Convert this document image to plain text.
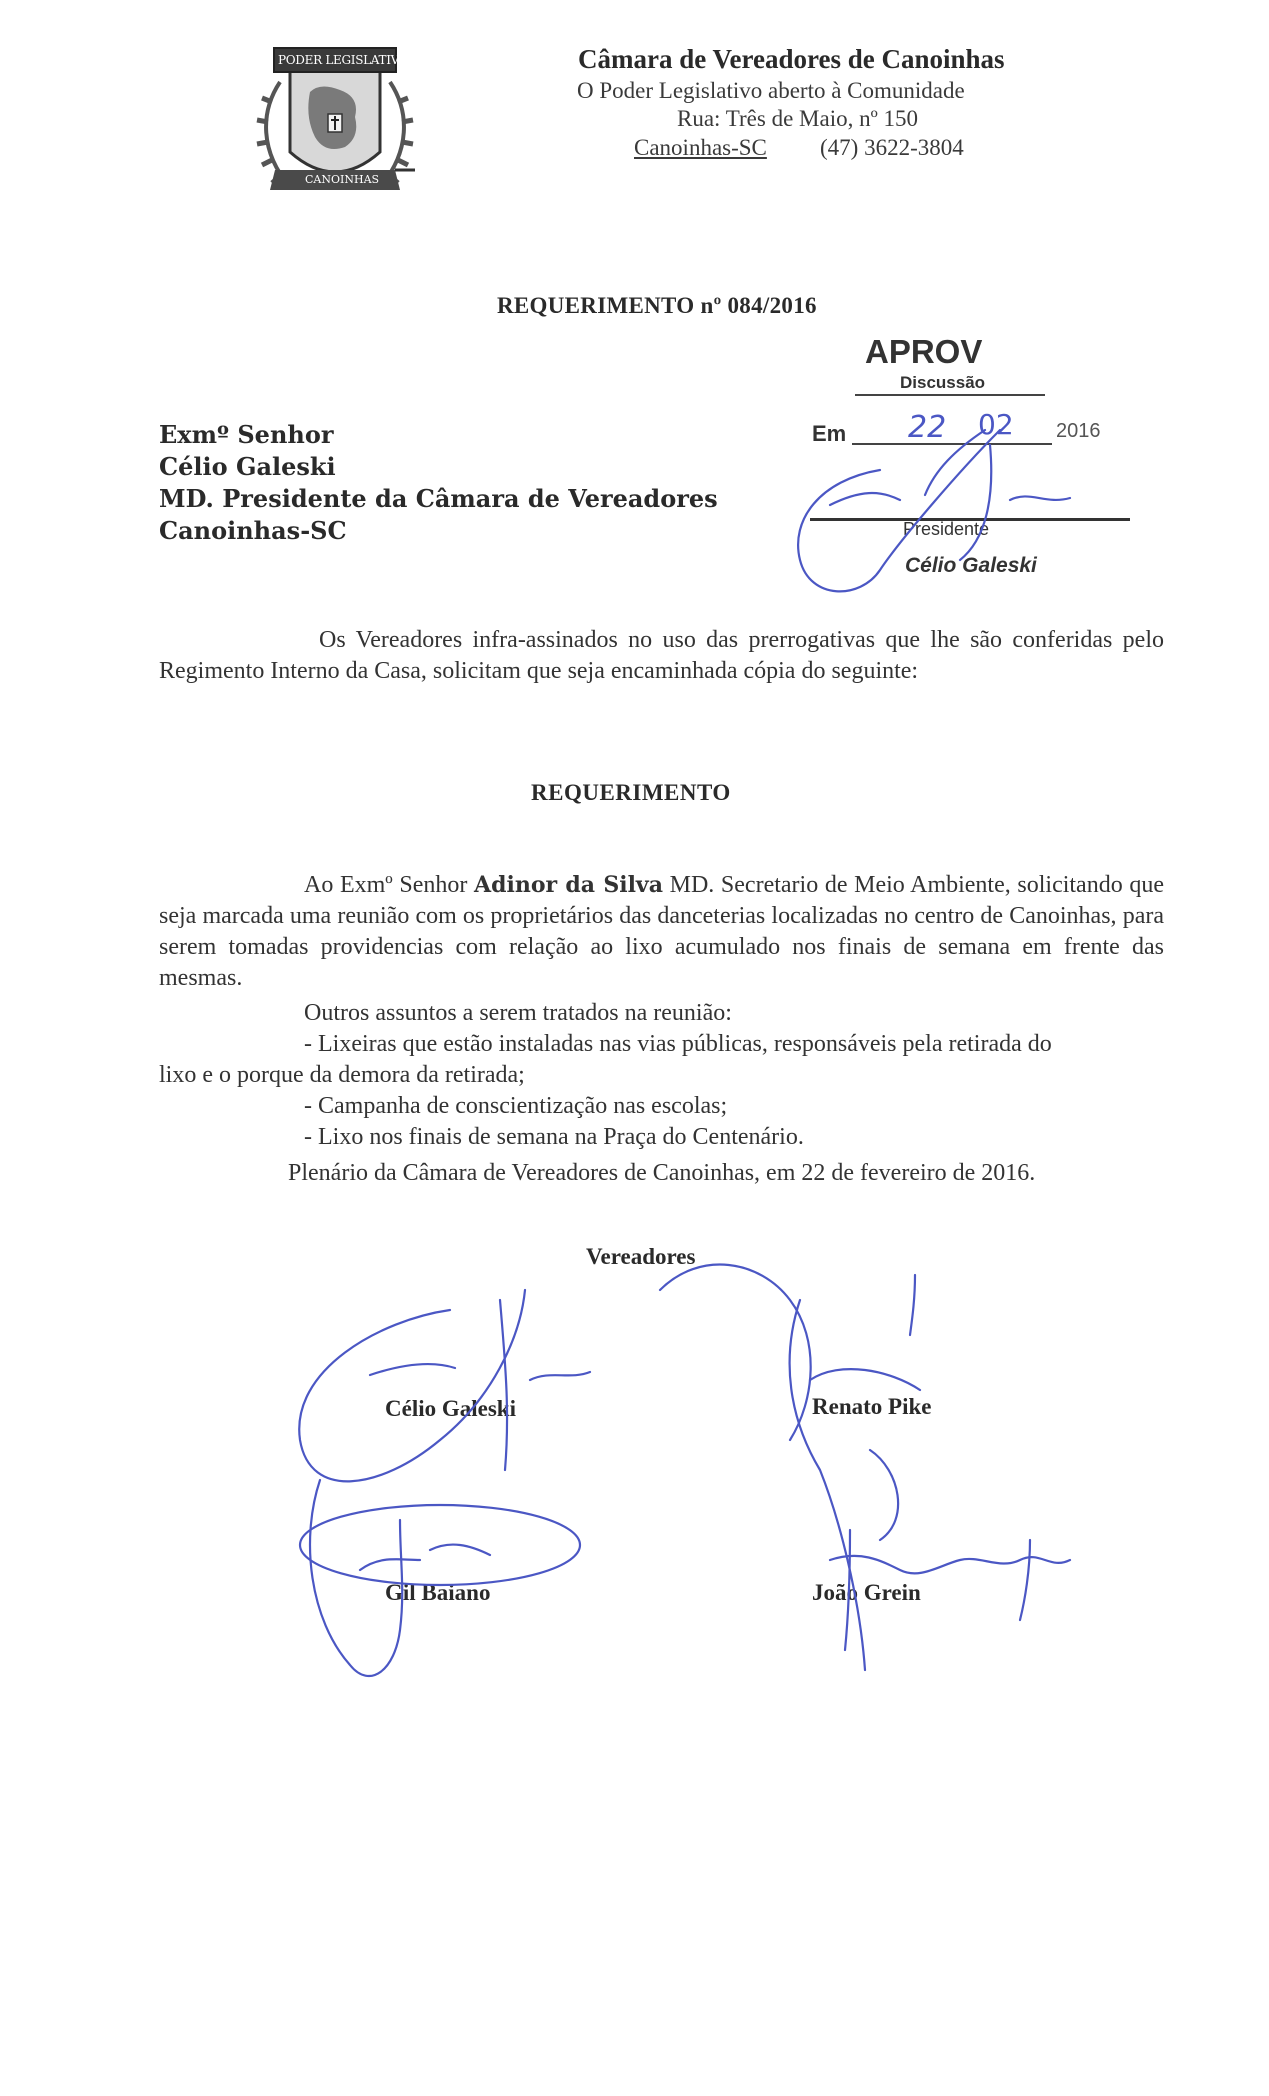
PODER LEGISLATIVO
CANOINHAS
Câmara de Vereadores de Canoinhas
O Poder Legislativo aberto à Comunidade
Rua: Três de Maio, nº 150
Canoinhas-SC (47) 3622-3804
REQUERIMENTO nº 084/2016
APROV
Discussão
Em 22 02 2016
Presidente
Célio Galeski
Exmº Senhor
Célio Galeski
MD. Presidente da Câmara de Vereadores
Canoinhas-SC
Os Vereadores infra-assinados no uso das prerrogativas que lhe são conferidas pelo Regimento Interno da Casa, solicitam que seja encaminhada cópia do seguinte:
REQUERIMENTO
Ao Exmº Senhor Adinor da Silva MD. Secretario de Meio Ambiente, solicitando que seja marcada uma reunião com os proprietários das danceterias localizadas no centro de Canoinhas, para serem tomadas providencias com relação ao lixo acumulado nos finais de semana em frente das mesmas.
Outros assuntos a serem tratados na reunião:
- Lixeiras que estão instaladas nas vias públicas, responsáveis pela retirada do
lixo e o porque da demora da retirada;
- Campanha de conscientização nas escolas;
- Lixo nos finais de semana na Praça do Centenário.
Plenário da Câmara de Vereadores de Canoinhas, em 22 de fevereiro de 2016.
Vereadores
Célio Galeski	Renato Pike
Gil Baiano	João Grein
